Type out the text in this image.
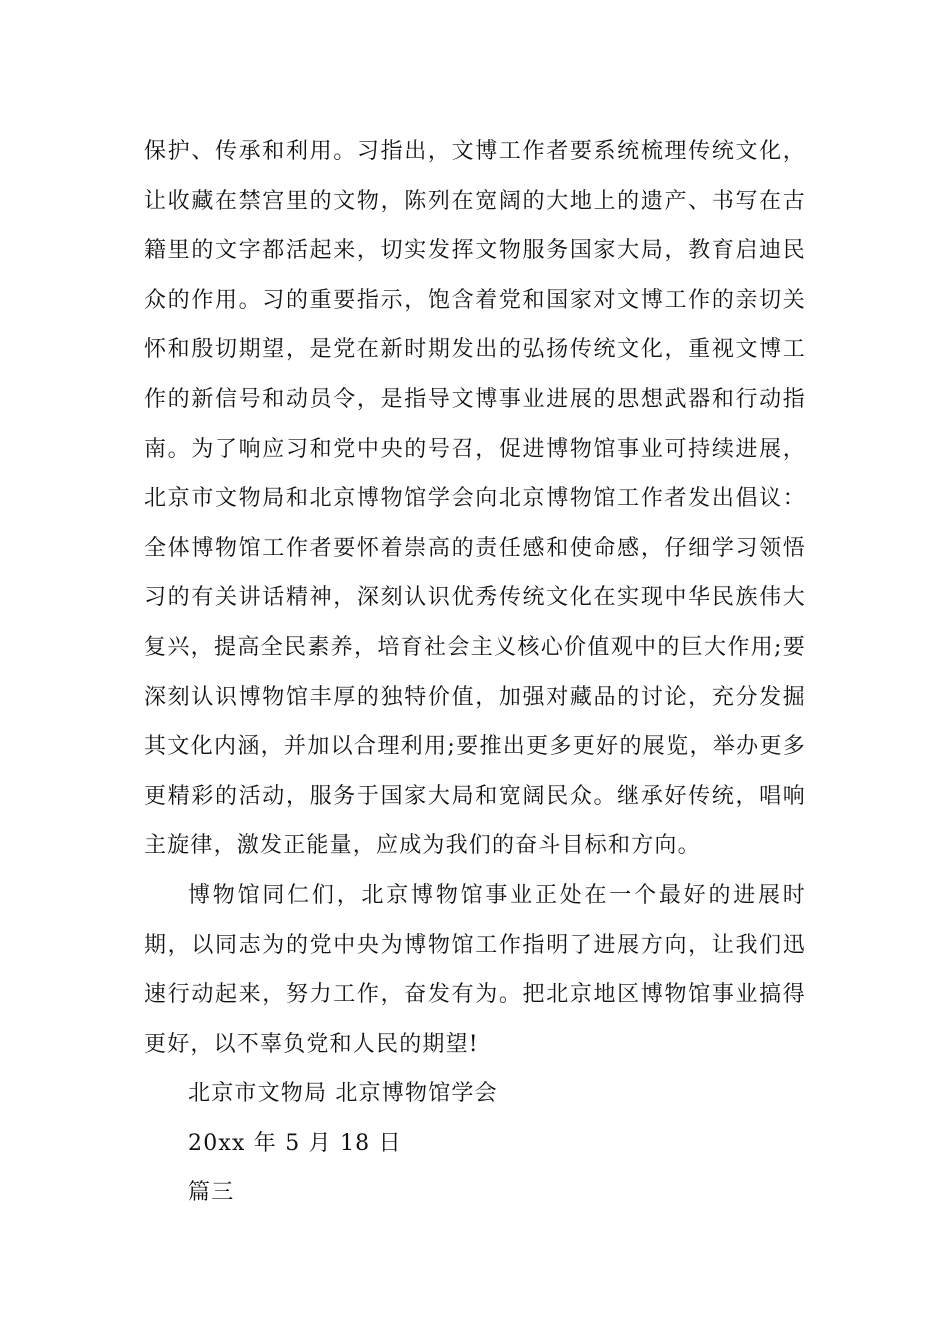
保护、传承和利用。习指出，文博工作者要系统梳理传统文化，让收藏在禁宫里的文物，陈列在宽阔的大地上的遗产、书写在古籍里的文字都活起来，切实发挥文物服务国家大局，教育启迪民众的作用。习的重要指示，饱含着党和国家对文博工作的亲切关怀和殷切期望，是党在新时期发出的弘扬传统文化，重视文博工作的新信号和动员令，是指导文博事业进展的思想武器和行动指南。为了响应习和党中央的号召，促进博物馆事业可持续进展，北京市文物局和北京博物馆学会向北京博物馆工作者发出倡议：全体博物馆工作者要怀着崇高的责任感和使命感，仔细学习领悟习的有关讲话精神，深刻认识优秀传统文化在实现中华民族伟大复兴，提高全民素养，培育社会主义核心价值观中的巨大作用;要深刻认识博物馆丰厚的独特价值，加强对藏品的讨论，充分发掘其文化内涵，并加以合理利用;要推出更多更好的展览，举办更多更精彩的活动，服务于国家大局和宽阔民众。继承好传统，唱响主旋律，激发正能量，应成为我们的奋斗目标和方向。

博物馆同仁们，北京博物馆事业正处在一个最好的进展时期，以同志为的党中央为博物馆工作指明了进展方向，让我们迅速行动起来，努力工作，奋发有为。把北京地区博物馆事业搞得更好，以不辜负党和人民的期望!

北京市文物局 北京博物馆学会

20xx 年 5 月 18 日

篇三
